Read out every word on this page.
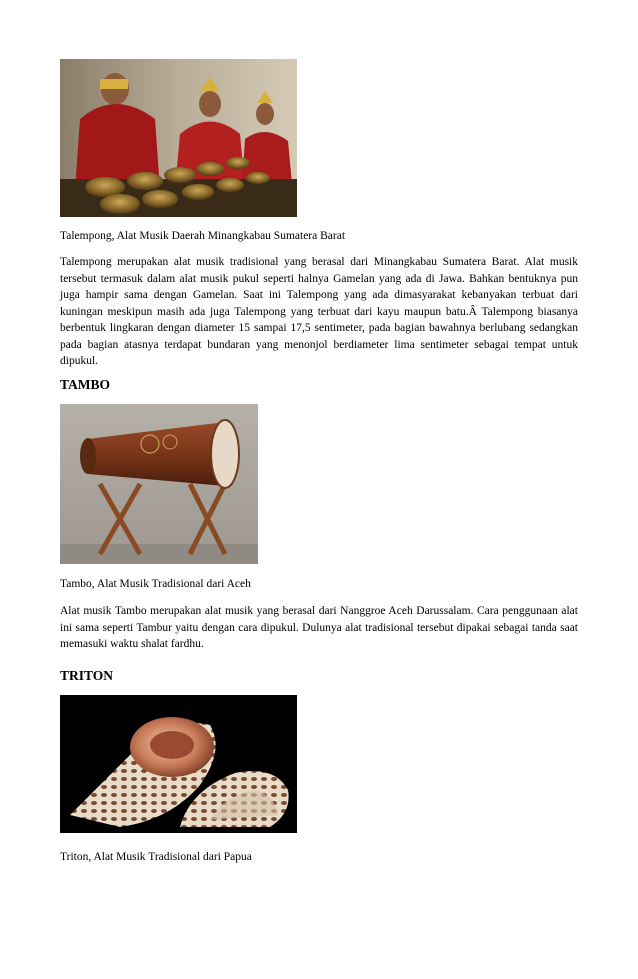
Talempong, Alat Musik Daerah Minangkabau Sumatera Barat
Talempong merupakan alat musik tradisional yang berasal dari Minangkabau Sumatera Barat. Alat musik tersebut termasuk dalam alat musik pukul seperti halnya Gamelan yang ada di Jawa. Bahkan bentuknya pun juga hampir sama dengan Gamelan. Saat ini Talempong yang ada dimasyarakat kebanyakan terbuat dari kuningan meskipun masih ada juga Talempong yang terbuat dari kayu maupun batu.Â Talempong biasanya berbentuk lingkaran dengan diameter 15 sampai 17,5 sentimeter, pada bagian bawahnya berlubang sedangkan pada bagian atasnya terdapat bundaran yang menonjol berdiameter lima sentimeter sebagai tempat untuk dipukul.
TAMBO
Tambo, Alat Musik Tradisional dari Aceh
Alat musik Tambo merupakan alat musik yang berasal dari Nanggroe Aceh Darussalam. Cara penggunaan alat ini sama seperti Tambur yaitu dengan cara dipukul. Dulunya alat tradisional tersebut dipakai sebagai tanda saat memasuki waktu shalat fardhu.
TRITON
Triton, Alat Musik Tradisional dari Papua
